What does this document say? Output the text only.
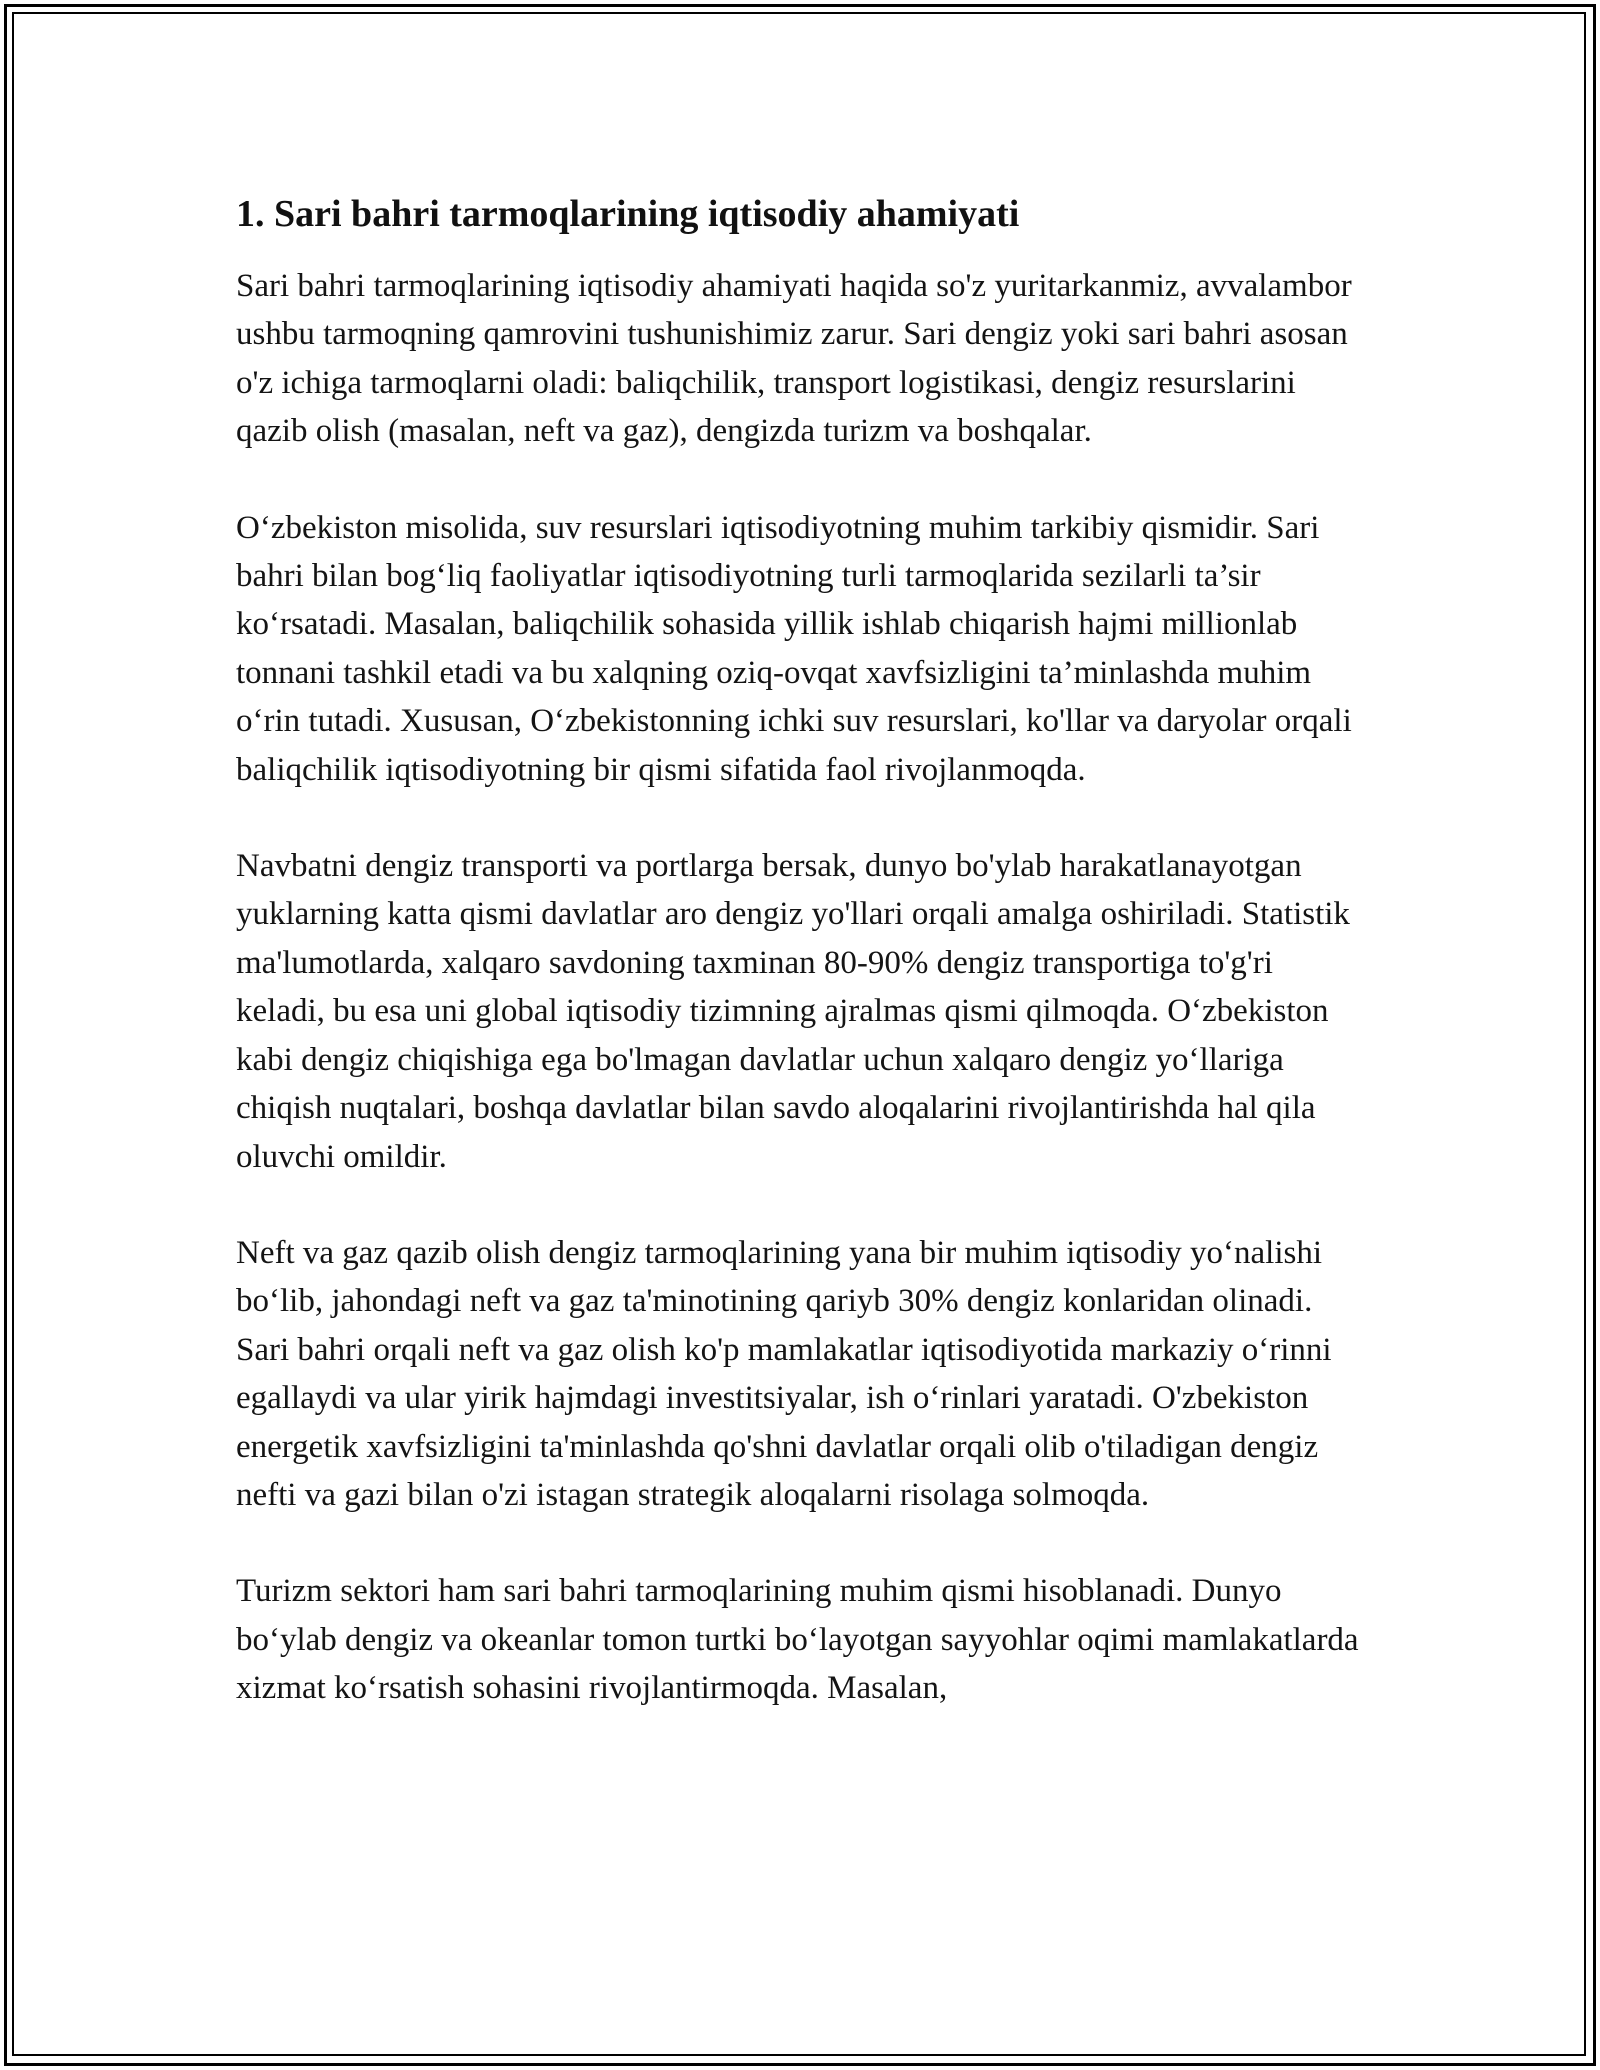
1. Sari bahri tarmoqlarining iqtisodiy ahamiyati

Sari bahri tarmoqlarining iqtisodiy ahamiyati haqida so'z yuritarkanmiz, avvalambor ushbu tarmoqning qamrovini tushunishimiz zarur. Sari dengiz yoki sari bahri asosan o'z ichiga tarmoqlarni oladi: baliqchilik, transport logistikasi, dengiz resurslarini qazib olish (masalan, neft va gaz), dengizda turizm va boshqalar.

O‘zbekiston misolida, suv resurslari iqtisodiyotning muhim tarkibiy qismidir. Sari bahri bilan bog‘liq faoliyatlar iqtisodiyotning turli tarmoqlarida sezilarli ta’sir ko‘rsatadi. Masalan, baliqchilik sohasida yillik ishlab chiqarish hajmi millionlab tonnani tashkil etadi va bu xalqning oziq-ovqat xavfsizligini ta’minlashda muhim o‘rin tutadi. Xususan, O‘zbekistonning ichki suv resurslari, ko'llar va daryolar orqali baliqchilik iqtisodiyotning bir qismi sifatida faol rivojlanmoqda.

Navbatni dengiz transporti va portlarga bersak, dunyo bo'ylab harakatlanayotgan yuklarning katta qismi davlatlar aro dengiz yo'llari orqali amalga oshiriladi. Statistik ma'lumotlarda, xalqaro savdoning taxminan 80-90% dengiz transportiga to'g'ri keladi, bu esa uni global iqtisodiy tizimning ajralmas qismi qilmoqda. O‘zbekiston kabi dengiz chiqishiga ega bo'lmagan davlatlar uchun xalqaro dengiz yo‘llariga chiqish nuqtalari, boshqa davlatlar bilan savdo aloqalarini rivojlantirishda hal qila oluvchi omildir.

Neft va gaz qazib olish dengiz tarmoqlarining yana bir muhim iqtisodiy yo‘nalishi bo‘lib, jahondagi neft va gaz ta'minotining qariyb 30% dengiz konlaridan olinadi. Sari bahri orqali neft va gaz olish ko'p mamlakatlar iqtisodiyotida markaziy o‘rinni egallaydi va ular yirik hajmdagi investitsiyalar, ish o‘rinlari yaratadi. O'zbekiston energetik xavfsizligini ta'minlashda qo'shni davlatlar orqali olib o'tiladigan dengiz nefti va gazi bilan o'zi istagan strategik aloqalarni risolaga solmoqda.

Turizm sektori ham sari bahri tarmoqlarining muhim qismi hisoblanadi. Dunyo bo‘ylab dengiz va okeanlar tomon turtki bo‘layotgan sayyohlar oqimi mamlakatlarda xizmat ko‘rsatish sohasini rivojlantirmoqda. Masalan,
